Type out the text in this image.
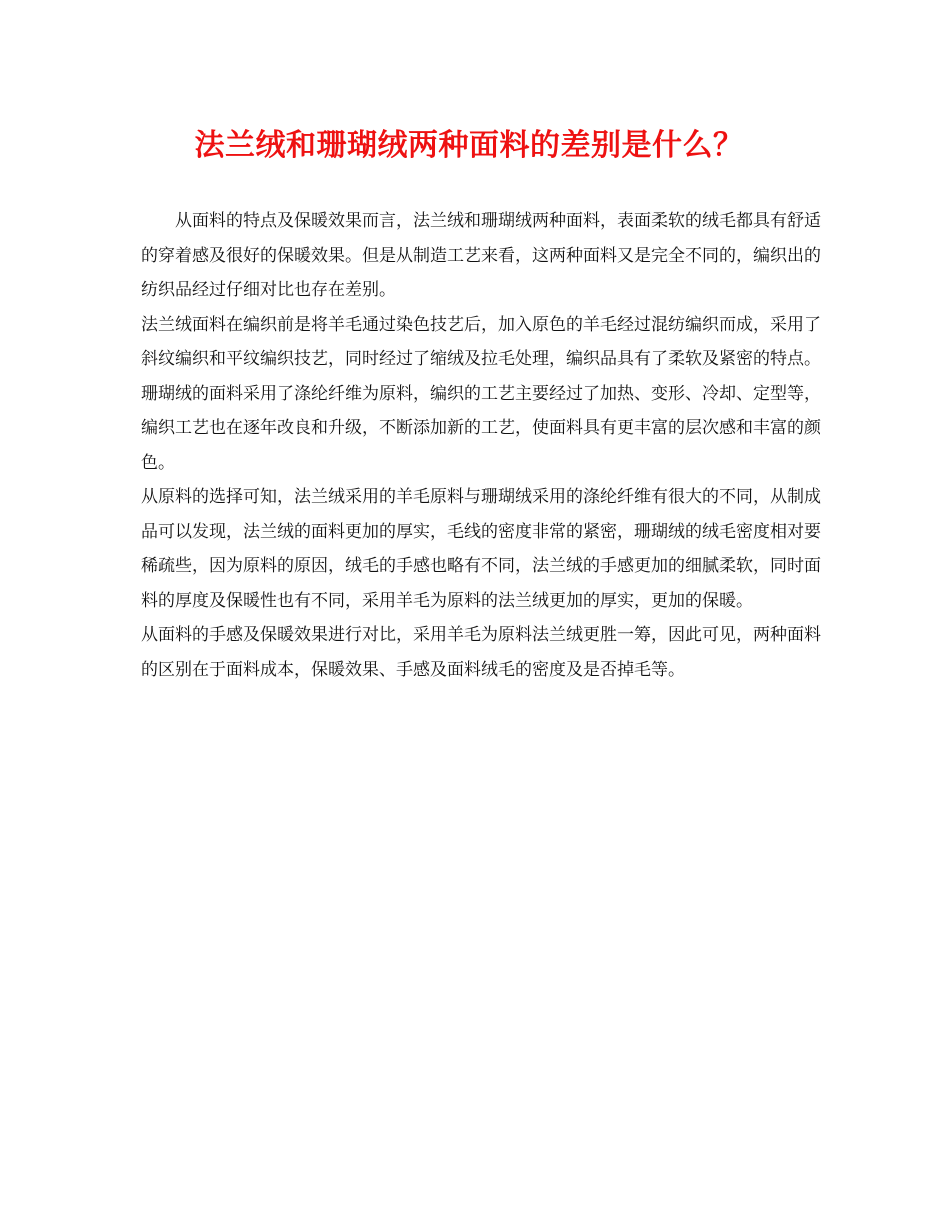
法兰绒和珊瑚绒两种面料的差别是什么？

从面料的特点及保暖效果而言，法兰绒和珊瑚绒两种面料，表面柔软的绒毛都具有舒适的穿着感及很好的保暖效果。但是从制造工艺来看，这两种面料又是完全不同的，编织出的纺织品经过仔细对比也存在差别。

法兰绒面料在编织前是将羊毛通过染色技艺后，加入原色的羊毛经过混纺编织而成，采用了斜纹编织和平纹编织技艺，同时经过了缩绒及拉毛处理，编织品具有了柔软及紧密的特点。

珊瑚绒的面料采用了涤纶纤维为原料，编织的工艺主要经过了加热、变形、冷却、定型等，编织工艺也在逐年改良和升级，不断添加新的工艺，使面料具有更丰富的层次感和丰富的颜色。

从原料的选择可知，法兰绒采用的羊毛原料与珊瑚绒采用的涤纶纤维有很大的不同，从制成品可以发现，法兰绒的面料更加的厚实，毛线的密度非常的紧密，珊瑚绒的绒毛密度相对要稀疏些，因为原料的原因，绒毛的手感也略有不同，法兰绒的手感更加的细腻柔软，同时面料的厚度及保暖性也有不同，采用羊毛为原料的法兰绒更加的厚实，更加的保暖。

从面料的手感及保暖效果进行对比，采用羊毛为原料法兰绒更胜一筹，因此可见，两种面料的区别在于面料成本，保暖效果、手感及面料绒毛的密度及是否掉毛等。
